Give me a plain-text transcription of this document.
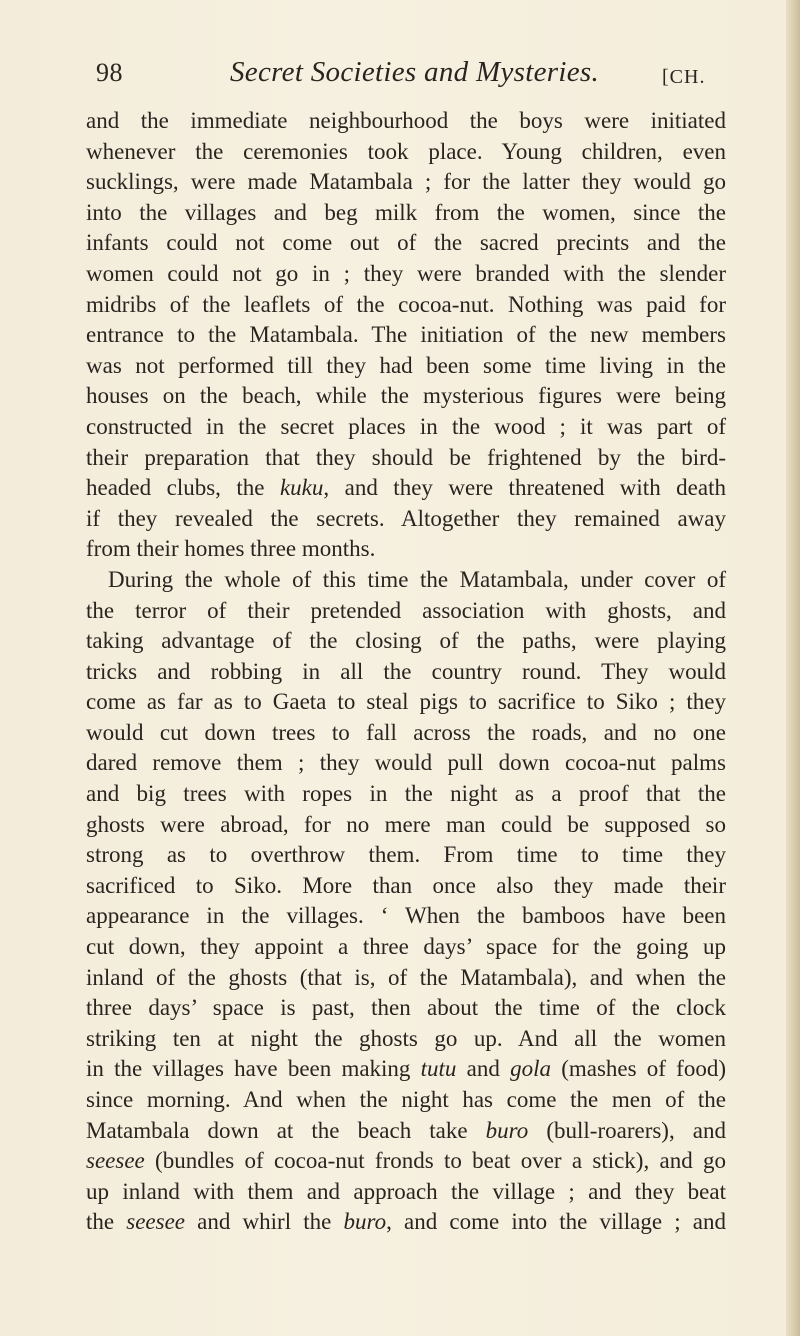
98	Secret Societies and Mysteries.	[CH.
and the immediate neighbourhood the boys were initiated
whenever the ceremonies took place. Young children, even
sucklings, were made Matambala ; for the latter they would go
into the villages and beg milk from the women, since the
infants could not come out of the sacred precints and the
women could not go in ; they were branded with the slender
midribs of the leaflets of the cocoa-nut. Nothing was paid for
entrance to the Matambala. The initiation of the new members
was not performed till they had been some time living in the
houses on the beach, while the mysterious figures were being
constructed in the secret places in the wood ; it was part of
their preparation that they should be frightened by the bird-
headed clubs, the kuku, and they were threatened with death
if they revealed the secrets. Altogether they remained away
from their homes three months.
During the whole of this time the Matambala, under cover of
the terror of their pretended association with ghosts, and
taking advantage of the closing of the paths, were playing
tricks and robbing in all the country round. They would
come as far as to Gaeta to steal pigs to sacrifice to Siko ; they
would cut down trees to fall across the roads, and no one
dared remove them ; they would pull down cocoa-nut palms
and big trees with ropes in the night as a proof that the
ghosts were abroad, for no mere man could be supposed so
strong as to overthrow them. From time to time they
sacrificed to Siko. More than once also they made their
appearance in the villages. ‘ When the bamboos have been
cut down, they appoint a three days’ space for the going up
inland of the ghosts (that is, of the Matambala), and when the
three days’ space is past, then about the time of the clock
striking ten at night the ghosts go up. And all the women
in the villages have been making tutu and gola (mashes of food)
since morning. And when the night has come the men of the
Matambala down at the beach take buro (bull-roarers), and
seesee (bundles of cocoa-nut fronds to beat over a stick), and go
up inland with them and approach the village ; and they beat
the seesee and whirl the buro, and come into the village ; and
